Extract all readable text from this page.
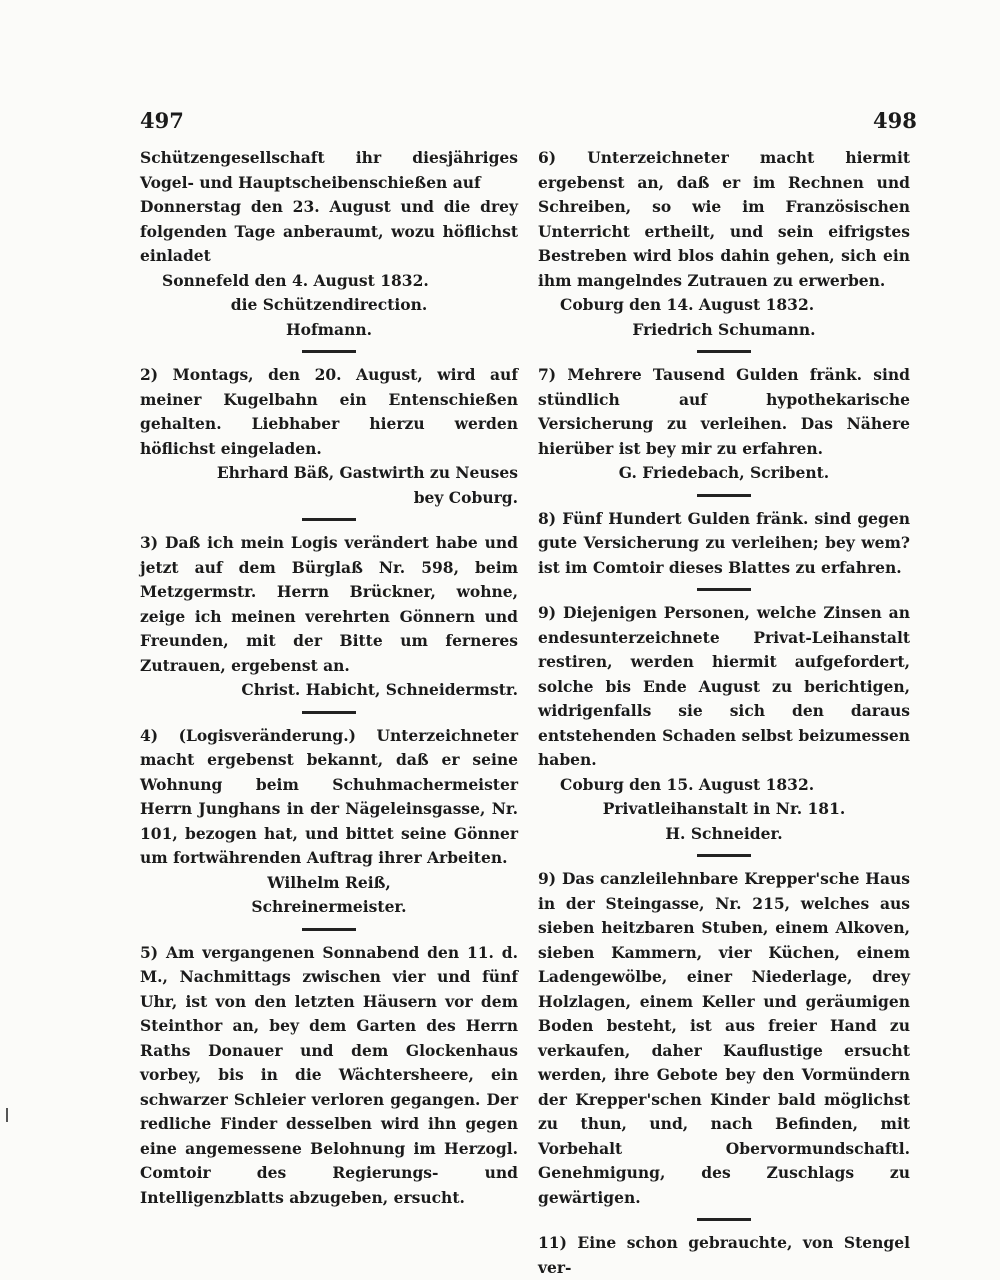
497	498

Schützengesellschaft ihr diesjähriges Vogel- und Hauptscheibenschießen auf

Donnerstag den 23. August und die drey folgenden Tage anberaumt, wozu höflichst einladet

Sonnefeld den 4. August 1832.

die Schützendirection.

Hofmann.

2) Montags, den 20. August, wird auf meiner Kugelbahn ein Entenschießen gehalten. Liebhaber hierzu werden höflichst eingeladen.

Ehrhard Bäß, Gastwirth zu Neuses

bey Coburg.

3) Daß ich mein Logis verändert habe und jetzt auf dem Bürglaß Nr. 598, beim Metzgermstr. Herrn Brückner, wohne, zeige ich meinen verehrten Gönnern und Freunden, mit der Bitte um ferneres Zutrauen, ergebenst an.

Christ. Habicht, Schneidermstr.

4) (Logisveränderung.) Unterzeichneter macht ergebenst bekannt, daß er seine Wohnung beim Schuhmachermeister Herrn Junghans in der Nägeleinsgasse, Nr. 101, bezogen hat, und bittet seine Gönner um fortwährenden Auftrag ihrer Arbeiten.

Wilhelm Reiß,

Schreinermeister.

5) Am vergangenen Sonnabend den 11. d. M., Nachmittags zwischen vier und fünf Uhr, ist von den letzten Häusern vor dem Steinthor an, bey dem Garten des Herrn Raths Donauer und dem Glockenhaus vorbey, bis in die Wächtersheere, ein schwarzer Schleier verloren gegangen. Der redliche Finder desselben wird ihn gegen eine angemessene Belohnung im Herzogl. Comtoir des Regierungs- und Intelligenzblatts abzugeben, ersucht.

6) Unterzeichneter macht hiermit ergebenst an, daß er im Rechnen und Schreiben, so wie im Französischen Unterricht ertheilt, und sein eifrigstes Bestreben wird blos dahin gehen, sich ein ihm mangelndes Zutrauen zu erwerben.

Coburg den 14. August 1832.

Friedrich Schumann.

7) Mehrere Tausend Gulden fränk. sind stündlich auf hypothekarische Versicherung zu verleihen. Das Nähere hierüber ist bey mir zu erfahren.

G. Friedebach, Scribent.

8) Fünf Hundert Gulden fränk. sind gegen gute Versicherung zu verleihen; bey wem? ist im Comtoir dieses Blattes zu erfahren.

9) Diejenigen Personen, welche Zinsen an endesunterzeichnete Privat-Leihanstalt restiren, werden hiermit aufgefordert, solche bis Ende August zu berichtigen, widrigenfalls sie sich den daraus entstehenden Schaden selbst beizumessen haben.

Coburg den 15. August 1832.

Privatleihanstalt in Nr. 181.

H. Schneider.

9) Das canzleilehnbare Krepper'sche Haus in der Steingasse, Nr. 215, welches aus sieben heitzbaren Stuben, einem Alkoven, sieben Kammern, vier Küchen, einem Ladengewölbe, einer Niederlage, drey Holzlagen, einem Keller und geräumigen Boden besteht, ist aus freier Hand zu verkaufen, daher Kauflustige ersucht werden, ihre Gebote bey den Vormündern der Krepper'schen Kinder bald möglichst zu thun, und, nach Befinden, mit Vorbehalt Obervormundschaftl. Genehmigung, des Zuschlags zu gewärtigen.

11) Eine schon gebrauchte, von Stengel ver-
